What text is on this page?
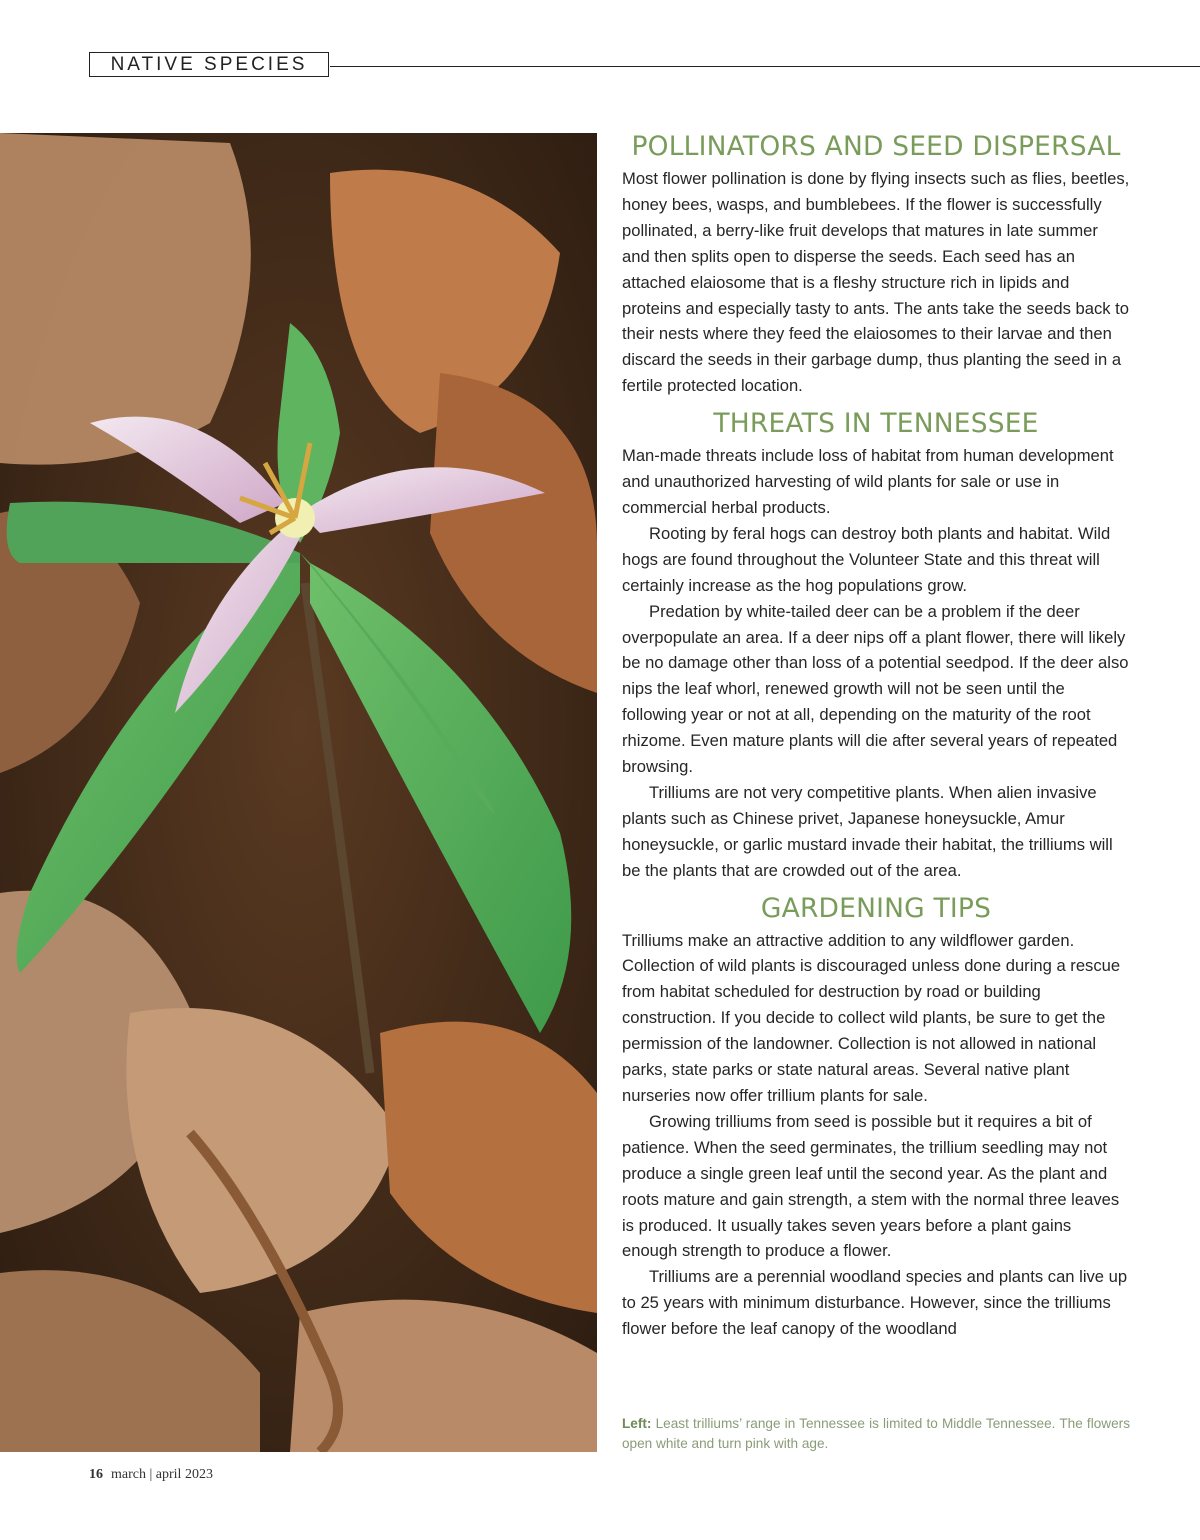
NATIVE SPECIES
POLLINATORS AND SEED DISPERSAL

Most flower pollination is done by flying insects such as flies, beetles, honey bees, wasps, and bumblebees. If the flower is successfully pollinated, a berry-like fruit develops that matures in late summer and then splits open to disperse the seeds. Each seed has an attached elaiosome that is a fleshy structure rich in lipids and proteins and especially tasty to ants. The ants take the seeds back to their nests where they feed the elaiosomes to their larvae and then discard the seeds in their garbage dump, thus planting the seed in a fertile protected location.

THREATS IN TENNESSEE

Man-made threats include loss of habitat from human development and unauthorized harvesting of wild plants for sale or use in commercial herbal products.

Rooting by feral hogs can destroy both plants and habitat. Wild hogs are found throughout the Volunteer State and this threat will certainly increase as the hog populations grow.

Predation by white-tailed deer can be a problem if the deer overpopulate an area. If a deer nips off a plant flower, there will likely be no damage other than loss of a potential seedpod. If the deer also nips the leaf whorl, renewed growth will not be seen until the following year or not at all, depending on the maturity of the root rhizome. Even mature plants will die after several years of repeated browsing.

Trilliums are not very competitive plants. When alien invasive plants such as Chinese privet, Japanese honeysuckle, Amur honeysuckle, or garlic mustard invade their habitat, the trilliums will be the plants that are crowded out of the area.

GARDENING TIPS

Trilliums make an attractive addition to any wildflower garden. Collection of wild plants is discouraged unless done during a rescue from habitat scheduled for destruction by road or building construction. If you decide to collect wild plants, be sure to get the permission of the landowner. Collection is not allowed in national parks, state parks or state natural areas. Several native plant nurseries now offer trillium plants for sale.

Growing trilliums from seed is possible but it requires a bit of patience. When the seed germinates, the trillium seedling may not produce a single green leaf until the second year. As the plant and roots mature and gain strength, a stem with the normal three leaves is produced. It usually takes seven years before a plant gains enough strength to produce a flower.

Trilliums are a perennial woodland species and plants can live up to 25 years with minimum disturbance. However, since the trilliums flower before the leaf canopy of the woodland

Left: Least trilliums’ range in Tennessee is limited to Middle Tennessee. The flowers open white and turn pink with age.
16 march | april 2023
